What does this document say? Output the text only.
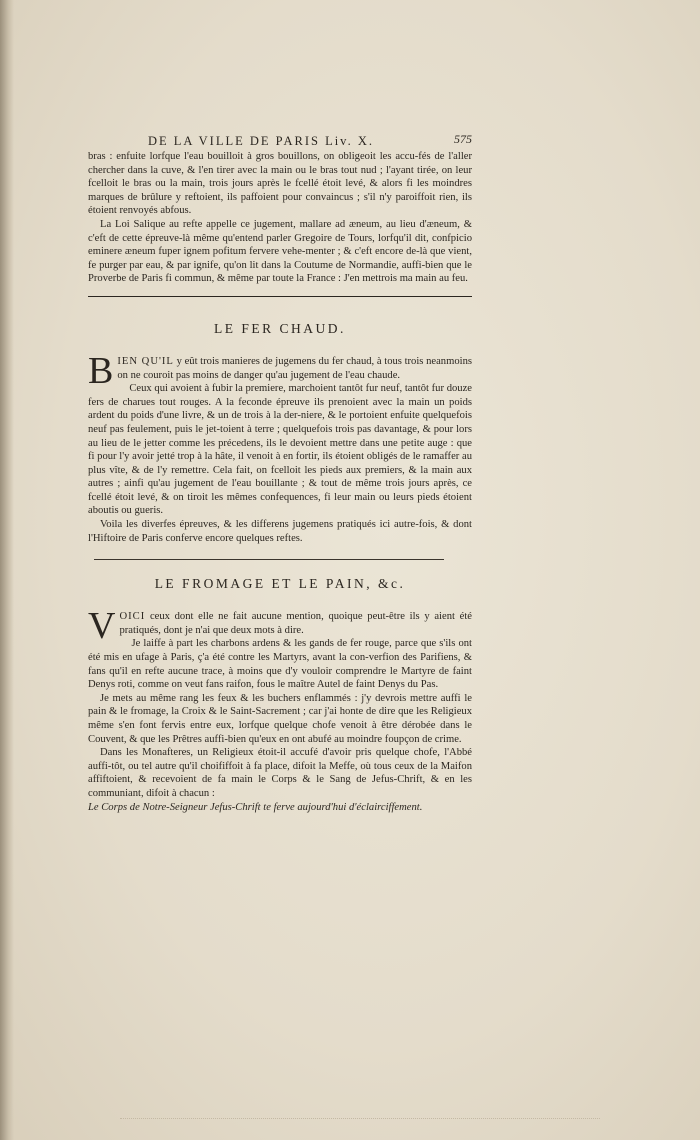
DE LA VILLE DE PARIS Liv. X.	575

bras : enfuite lorfque l'eau bouilloit à gros bouillons, on obligeoit les accu-fés de l'aller chercher dans la cuve, & l'en tirer avec la main ou le bras tout nud ; l'ayant tirée, on leur fcelloit le bras ou la main, trois jours après le fcellé étoit levé, & alors fi les moindres marques de brûlure y reftoient, ils paffoient pour convaincus ; s'il n'y paroiffoit rien, ils étoient renvoyés abfous.

La Loi Salique au refte appelle ce jugement, mallare ad æneum, au lieu d'æneum, & c'eft de cette épreuve-là même qu'entend parler Gregoire de Tours, lorfqu'il dit, confpicio eminere æneum fuper ignem pofitum fervere vehe-menter ; & c'eft encore de-là que vient, fe purger par eau, & par ignife, qu'on lit dans la Coutume de Normandie, auffi-bien que le Proverbe de Paris fi commun, & même par toute la France : J'en mettrois ma main au feu.

LE FER CHAUD.

BIEN QU'IL y eût trois manieres de jugemens du fer chaud, à tous trois neanmoins on ne couroit pas moins de danger qu'au jugement de l'eau chaude.

Ceux qui avoient à fubir la premiere, marchoient tantôt fur neuf, tantôt fur douze fers de charues tout rouges. A la feconde épreuve ils prenoient avec la main un poids ardent du poids d'une livre, & un de trois à la der-niere, & le portoient enfuite quelquefois neuf pas feulement, puis le jet-toient à terre ; quelquefois trois pas davantage, & pour lors au lieu de le jetter comme les précedens, ils le devoient mettre dans une petite auge : que fi pour l'y avoir jetté trop à la hâte, il venoit à en fortir, ils étoient obligés de le ramaffer au plus vîte, & de l'y remettre. Cela fait, on fcelloit les pieds aux premiers, & la main aux autres ; ainfi qu'au jugement de l'eau bouillante ; & tout de même trois jours après, ce fcellé étoit levé, & on tiroit les mêmes confequences, fi leur main ou leurs pieds étoient aboutis ou gueris.

Voila les diverfes épreuves, & les differens jugemens pratiqués ici autre-fois, & dont l'Hiftoire de Paris conferve encore quelques reftes.

LE FROMAGE ET LE PAIN, &c.

VOICI ceux dont elle ne fait aucune mention, quoique peut-être ils y aient été pratiqués, dont je n'ai que deux mots à dire.

Je laiffe à part les charbons ardens & les gands de fer rouge, parce que s'ils ont été mis en ufage à Paris, ç'a été contre les Martyrs, avant la con-verfion des Parifiens, & fans qu'il en refte aucune trace, à moins que d'y vouloir comprendre le Martyre de faint Denys roti, comme on veut fans raifon, fous le maître Autel de faint Denys du Pas.

Je mets au même rang les feux & les buchers enflammés : j'y devrois mettre auffi le pain & le fromage, la Croix & le Saint-Sacrement ; car j'ai honte de dire que les Religieux même s'en font fervis entre eux, lorfque quelque chofe venoit à être dérobée dans le Couvent, & que les Prêtres auffi-bien qu'eux en ont abufé au moindre foupçon de crime.

Dans les Monafteres, un Religieux étoit-il accufé d'avoir pris quelque chofe, l'Abbé auffi-tôt, ou tel autre qu'il choififfoit à fa place, difoit la Meffe, où tous ceux de la Maifon affiftoient, & recevoient de fa main le Corps & le Sang de Jefus-Chrift, & en les communiant, difoit à chacun :

Le Corps de Notre-Seigneur Jefus-Chrift te ferve aujourd'hui d'éclairciffement.
